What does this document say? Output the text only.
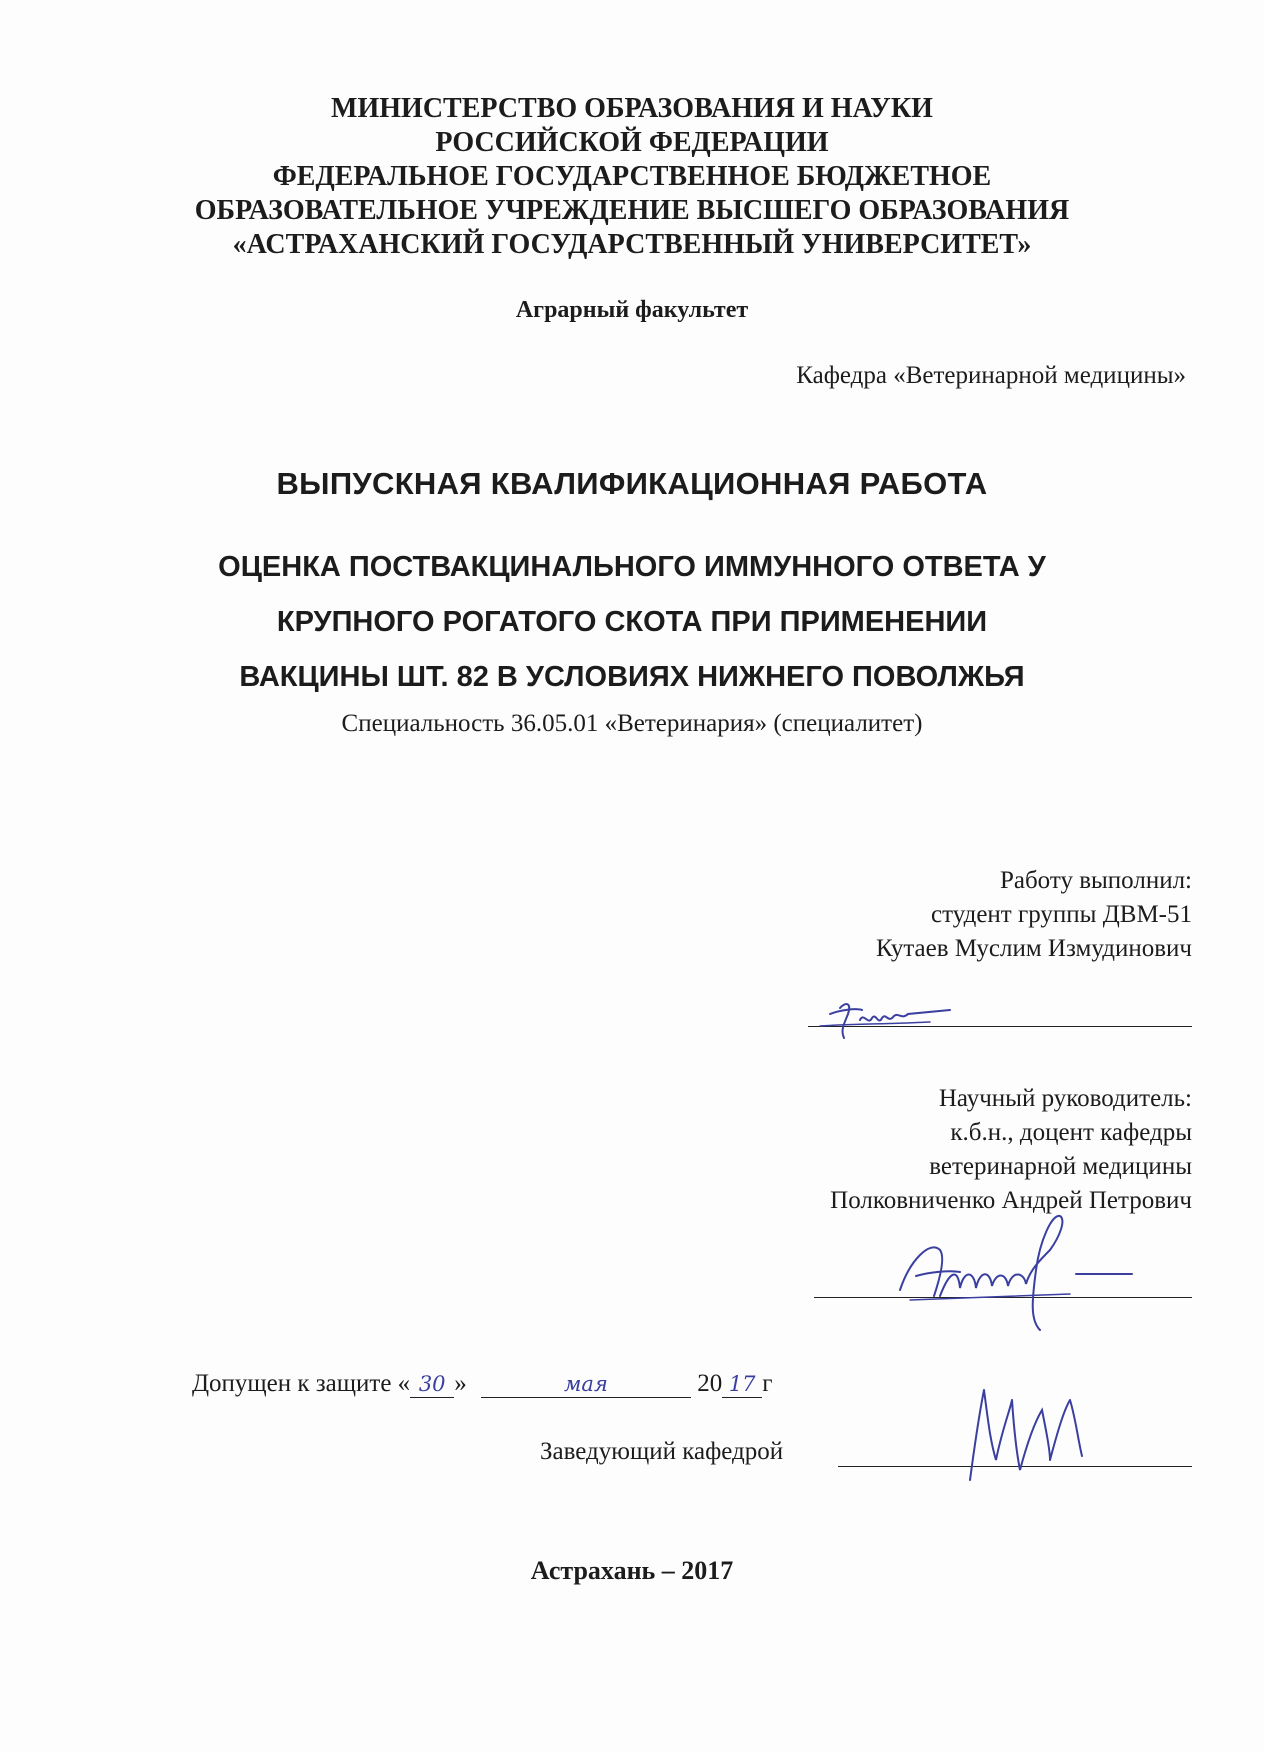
МИНИСТЕРСТВО ОБРАЗОВАНИЯ И НАУКИ
РОССИЙСКОЙ ФЕДЕРАЦИИ
ФЕДЕРАЛЬНОЕ ГОСУДАРСТВЕННОЕ БЮДЖЕТНОЕ
ОБРАЗОВАТЕЛЬНОЕ УЧРЕЖДЕНИЕ ВЫСШЕГО ОБРАЗОВАНИЯ
«АСТРАХАНСКИЙ ГОСУДАРСТВЕННЫЙ УНИВЕРСИТЕТ»
Аграрный факультет
Кафедра «Ветеринарной медицины»
ВЫПУСКНАЯ КВАЛИФИКАЦИОННАЯ РАБОТА
ОЦЕНКА ПОСТВАКЦИНАЛЬНОГО ИММУННОГО ОТВЕТА У
КРУПНОГО РОГАТОГО СКОТА ПРИ ПРИМЕНЕНИИ
ВАКЦИНЫ ШТ. 82 В УСЛОВИЯХ НИЖНЕГО ПОВОЛЖЬЯ
Специальность 36.05.01 «Ветеринария» (специалитет)
Работу выполнил:
студент группы ДВМ-51
Кутаев Муслим Измудинович
Научный руководитель:
к.б.н., доцент кафедры
ветеринарной медицины
Полковниченко Андрей Петрович
Допущен к защите « 30 »	мая	20 17 г
Заведующий кафедрой
Астрахань – 2017
